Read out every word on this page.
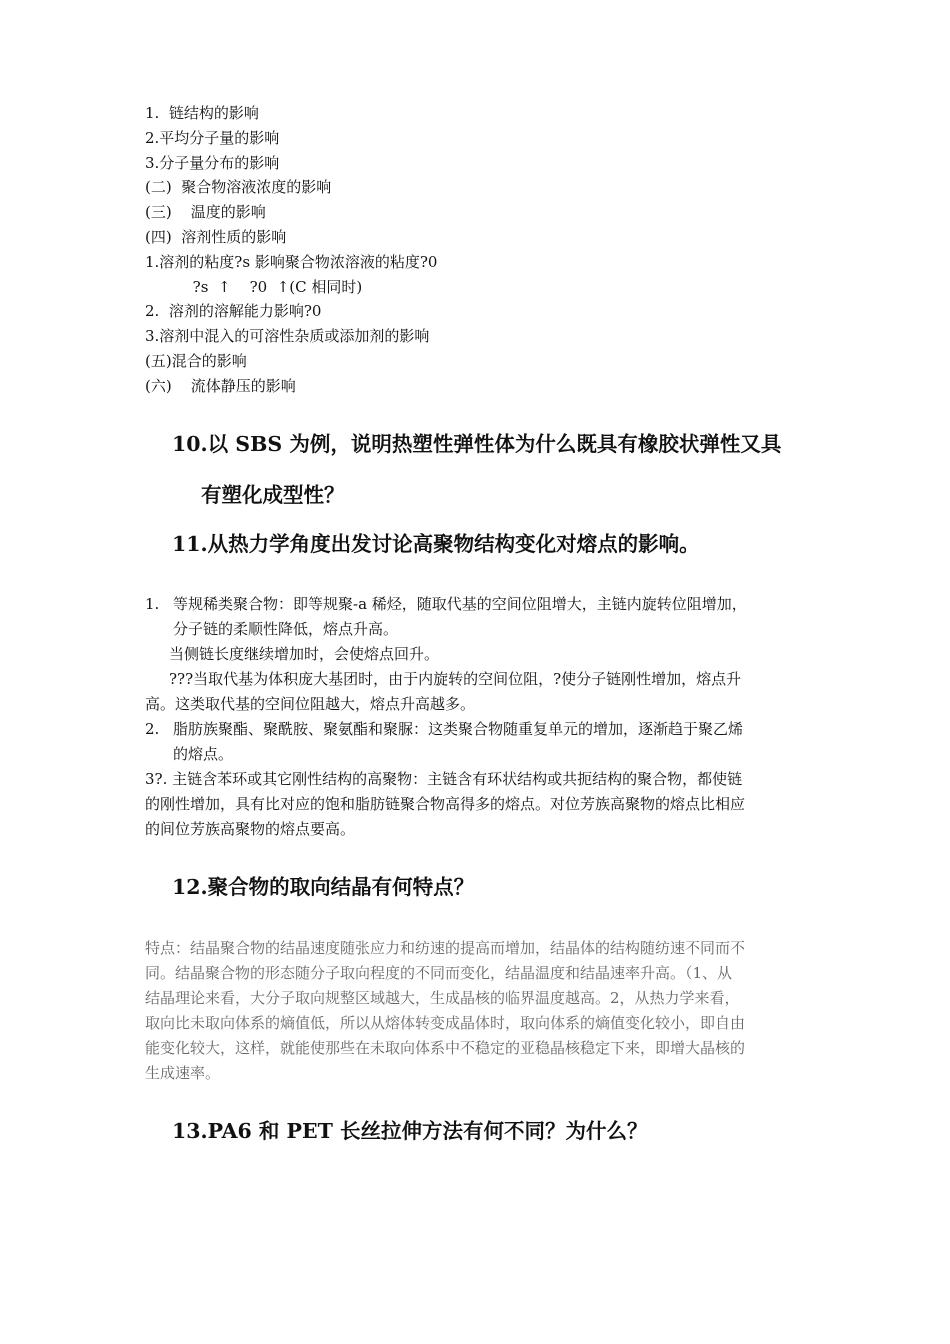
1.  链结构的影响
2.平均分子量的影响
3.分子量分布的影响
(二)  聚合物溶液浓度的影响
(三)    温度的影响
(四)  溶剂性质的影响
1.溶剂的粘度?s 影响聚合物浓溶液的粘度?0
?s  ↑    ?0  ↑(C 相同时)
2.  溶剂的溶解能力影响?0
3.溶剂中混入的可溶性杂质或添加剂的影响
(五)混合的影响
(六)    流体静压的影响
10.以 SBS 为例，说明热塑性弹性体为什么既具有橡胶状弹性又具
有塑化成型性？
11.从热力学角度出发讨论高聚物结构变化对熔点的影响。
1. 等规稀类聚合物：即等规聚-a 稀烃，随取代基的空间位阻增大，主链内旋转位阻增加，
分子链的柔顺性降低，熔点升高。
当侧链长度继续增加时，会使熔点回升。
???当取代基为体积庞大基团时，由于内旋转的空间位阻，?使分子链刚性增加，熔点升
高。这类取代基的空间位阻越大，熔点升高越多。
2. 脂肪族聚酯、聚酰胺、聚氨酯和聚脲：这类聚合物随重复单元的增加，逐渐趋于聚乙烯
的熔点。
3?. 主链含苯环或其它刚性结构的高聚物：主链含有环状结构或共扼结构的聚合物，都使链
的刚性增加，具有比对应的饱和脂肪链聚合物高得多的熔点。对位芳族高聚物的熔点比相应
的间位芳族高聚物的熔点要高。
12.聚合物的取向结晶有何特点？
特点：结晶聚合物的结晶速度随张应力和纺速的提高而增加，结晶体的结构随纺速不同而不
同。结晶聚合物的形态随分子取向程度的不同而变化，结晶温度和结晶速率升高。（1、从
结晶理论来看，大分子取向规整区域越大，生成晶核的临界温度越高。2，从热力学来看，
取向比未取向体系的熵值低，所以从熔体转变成晶体时，取向体系的熵值变化较小，即自由
能变化较大，这样，就能使那些在未取向体系中不稳定的亚稳晶核稳定下来，即增大晶核的
生成速率。
13.PA6 和 PET 长丝拉伸方法有何不同？为什么？
